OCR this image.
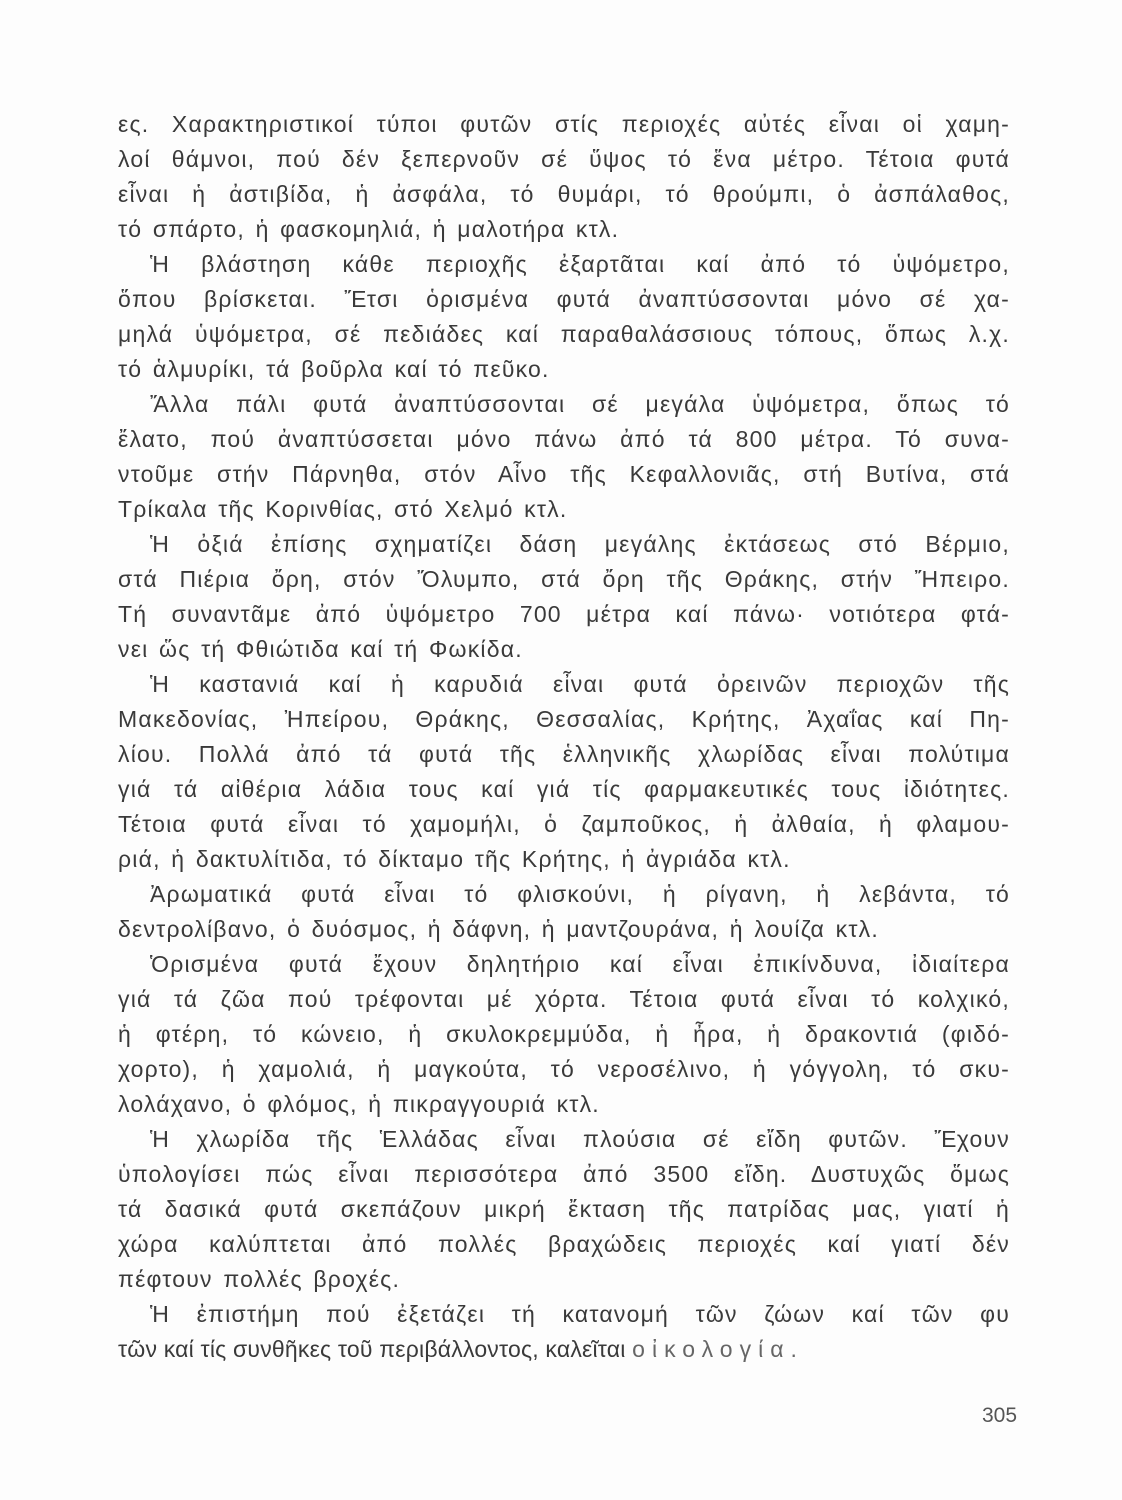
ες. Χαρακτηριστικοί τύποι φυτῶν στίς περιοχές αὐτές εἶναι οἱ χαμη-
λοί θάμνοι, πού δέν ξεπερνοῦν σέ ὕψος τό ἕνα μέτρο. Τέτοια φυτά
εἶναι ἡ ἀστιβίδα, ἡ ἀσφάλα, τό θυμάρι, τό θρούμπι, ὁ ἀσπάλαθος,
τό σπάρτο, ἡ φασκομηλιά, ἡ μαλοτήρα κτλ.
Ἡ βλάστηση κάθε περιοχῆς ἐξαρτᾶται καί ἀπό τό ὑψόμετρο,
ὅπου βρίσκεται. Ἔτσι ὁρισμένα φυτά ἀναπτύσσονται μόνο σέ χα-
μηλά ὑψόμετρα, σέ πεδιάδες καί παραθαλάσσιους τόπους, ὅπως λ.χ.
τό ἁλμυρίκι, τά βοῦρλα καί τό πεῦκο.
Ἄλλα πάλι φυτά ἀναπτύσσονται σέ μεγάλα ὑψόμετρα, ὅπως τό
ἔλατο, πού ἀναπτύσσεται μόνο πάνω ἀπό τά 800 μέτρα. Τό συνα-
ντοῦμε στήν Πάρνηθα, στόν Αἶνο τῆς Κεφαλλονιᾶς, στή Βυτίνα, στά
Τρίκαλα τῆς Κορινθίας, στό Χελμό κτλ.
Ἡ ὀξιά ἐπίσης σχηματίζει δάση μεγάλης ἐκτάσεως στό Βέρμιο,
στά Πιέρια ὄρη, στόν Ὄλυμπο, στά ὄρη τῆς Θράκης, στήν Ἤπειρο.
Τή συναντᾶμε ἀπό ὑψόμετρο 700 μέτρα καί πάνω· νοτιότερα φτά-
νει ὥς τή Φθιώτιδα καί τή Φωκίδα.
Ἡ καστανιά καί ἡ καρυδιά εἶναι φυτά ὀρεινῶν περιοχῶν τῆς
Μακεδονίας, Ἠπείρου, Θράκης, Θεσσαλίας, Κρήτης, Ἀχαΐας καί Πη-
λίου. Πολλά ἀπό τά φυτά τῆς ἑλληνικῆς χλωρίδας εἶναι πολύτιμα
γιά τά αἰθέρια λάδια τους καί γιά τίς φαρμακευτικές τους ἰδιότητες.
Τέτοια φυτά εἶναι τό χαμομήλι, ὁ ζαμποῦκος, ἡ ἀλθαία, ἡ φλαμου-
ριά, ἡ δακτυλίτιδα, τό δίκταμο τῆς Κρήτης, ἡ ἀγριάδα κτλ.
Ἀρωματικά φυτά εἶναι τό φλισκούνι, ἡ ρίγανη, ἡ λεβάντα, τό
δεντρολίβανο, ὁ δυόσμος, ἡ δάφνη, ἡ μαντζουράνα, ἡ λουίζα κτλ.
Ὁρισμένα φυτά ἔχουν δηλητήριο καί εἶναι ἐπικίνδυνα, ἰδιαίτερα
γιά τά ζῶα πού τρέφονται μέ χόρτα. Τέτοια φυτά εἶναι τό κολχικό,
ἡ φτέρη, τό κώνειο, ἡ σκυλοκρεμμύδα, ἡ ἦρα, ἡ δρακοντιά (φιδό-
χορτο), ἡ χαμολιά, ἡ μαγκούτα, τό νεροσέλινο, ἡ γόγγολη, τό σκυ-
λολάχανο, ὁ φλόμος, ἡ πικραγγουριά κτλ.
Ἡ χλωρίδα τῆς Ἑλλάδας εἶναι πλούσια σέ εἴδη φυτῶν. Ἔχουν
ὑπολογίσει πώς εἶναι περισσότερα ἀπό 3500 εἴδη. Δυστυχῶς ὅμως
τά δασικά φυτά σκεπάζουν μικρή ἔκταση τῆς πατρίδας μας, γιατί ἡ
χώρα καλύπτεται ἀπό πολλές βραχώδεις περιοχές καί γιατί δέν
πέφτουν πολλές βροχές.
Ἡ ἐπιστήμη πού ἐξετάζει τή κατανομή τῶν ζώων καί τῶν φυ
τῶν καί τίς συνθῆκες τοῦ περιβάλλοντος, καλεῖται οἰκολογία.
305
